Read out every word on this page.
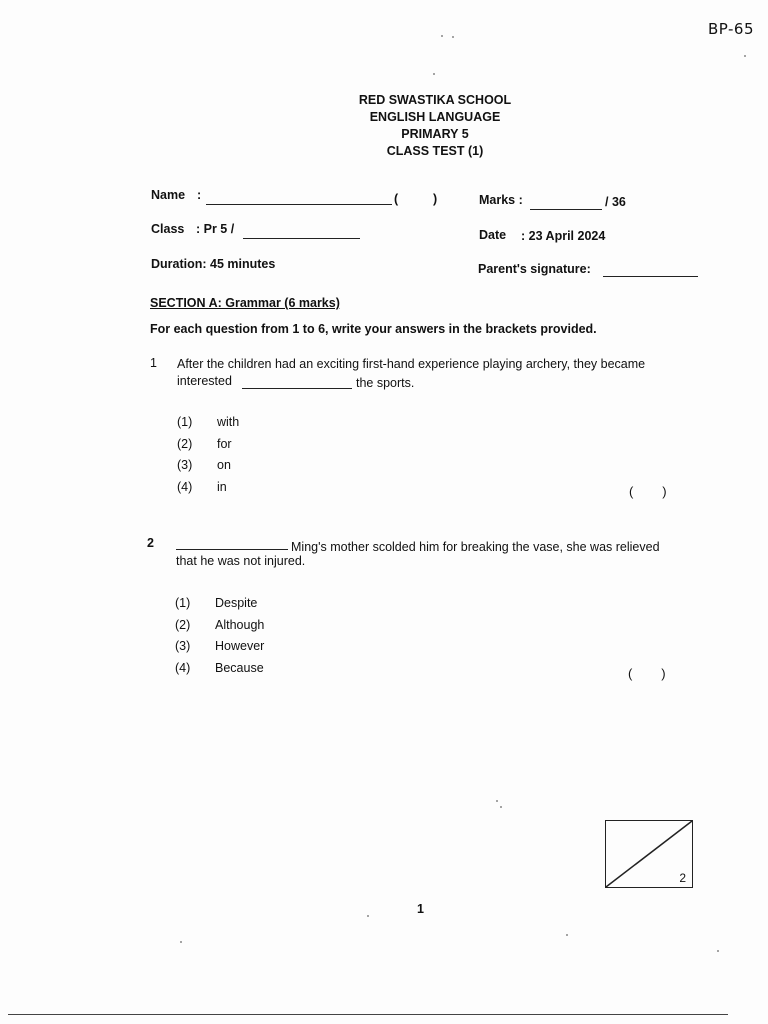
BP-65
RED SWASTIKA SCHOOL
ENGLISH LANGUAGE
PRIMARY 5
CLASS TEST (1)
Name :	(	)	Marks :	/ 36
Class : Pr 5 /	Date : 23 April 2024
Duration: 45 minutes	Parent's signature:
SECTION A: Grammar (6 marks)
For each question from 1 to 6, write your answers in the brackets provided.
1 After the children had an exciting first-hand experience playing archery, they became
interested	the sports.
(1) with
(2) for
(3) on
(4) in	(        )
2	Ming's mother scolded him for breaking the vase, she was relieved
that he was not injured.
(1) Despite
(2) Although
(3) However
(4) Because	(        )
2
1
